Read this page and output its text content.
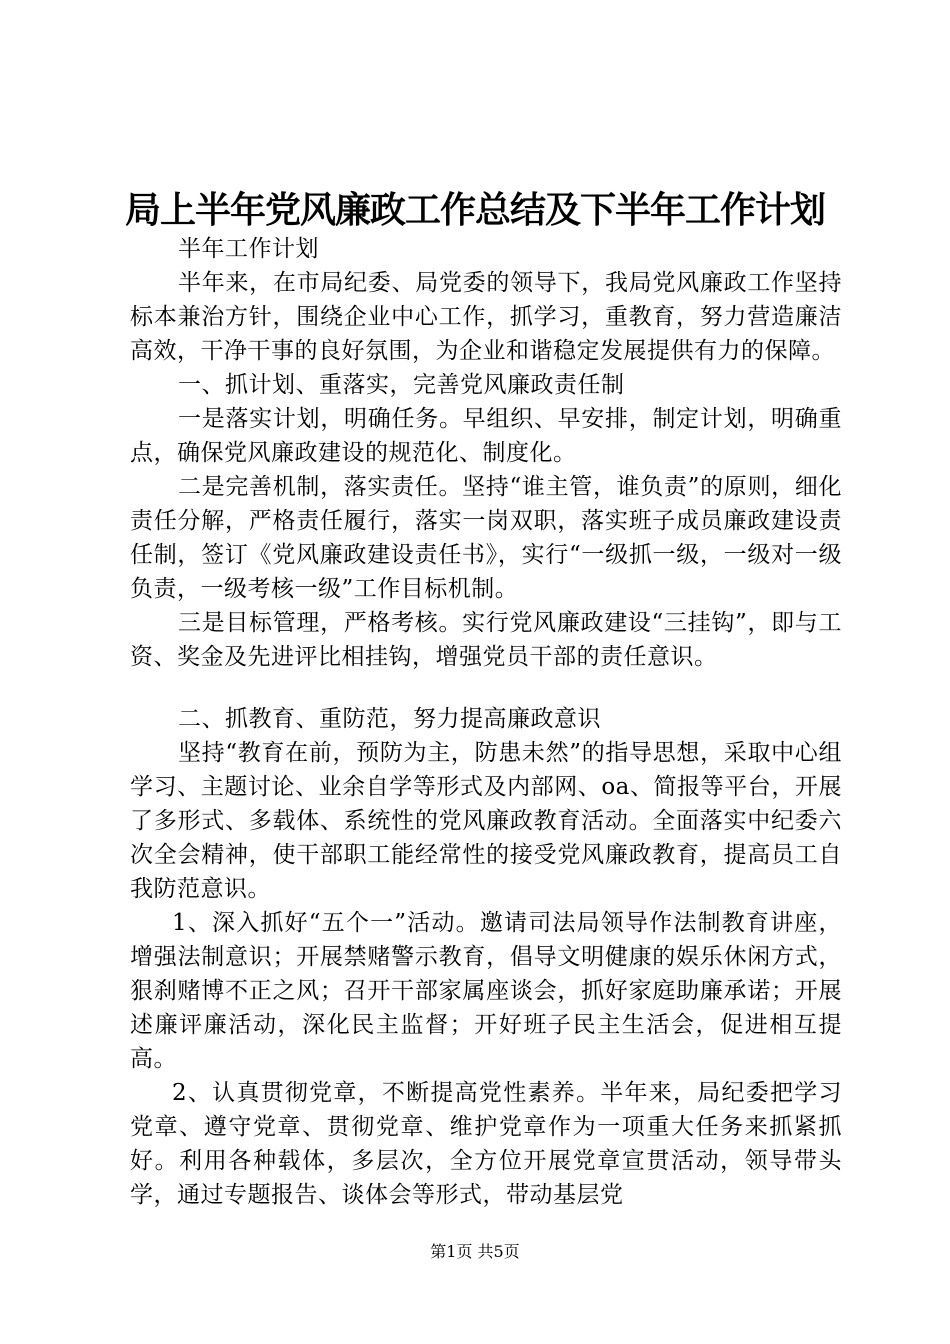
局上半年党风廉政工作总结及下半年工作计划

半年工作计划

半年来，在市局纪委、局党委的领导下，我局党风廉政工作坚持标本兼治方针，围绕企业中心工作，抓学习，重教育，努力营造廉洁高效，干净干事的良好氛围，为企业和谐稳定发展提供有力的保障。

一、抓计划、重落实，完善党风廉政责任制

一是落实计划，明确任务。早组织、早安排，制定计划，明确重点，确保党风廉政建设的规范化、制度化。

二是完善机制，落实责任。坚持“谁主管，谁负责”的原则，细化责任分解，严格责任履行，落实一岗双职，落实班子成员廉政建设责任制，签订《党风廉政建设责任书》，实行“一级抓一级，一级对一级负责，一级考核一级”工作目标机制。

三是目标管理，严格考核。实行党风廉政建设“三挂钩”，即与工资、奖金及先进评比相挂钩，增强党员干部的责任意识。

二、抓教育、重防范，努力提高廉政意识

坚持“教育在前，预防为主，防患未然”的指导思想，采取中心组学习、主题讨论、业余自学等形式及内部网、oa、简报等平台，开展了多形式、多载体、系统性的党风廉政教育活动。全面落实中纪委六次全会精神，使干部职工能经常性的接受党风廉政教育，提高员工自我防范意识。

1、深入抓好“五个一”活动。邀请司法局领导作法制教育讲座，增强法制意识；开展禁赌警示教育，倡导文明健康的娱乐休闲方式，狠刹赌博不正之风；召开干部家属座谈会，抓好家庭助廉承诺；开展述廉评廉活动，深化民主监督；开好班子民主生活会，促进相互提高。

2、认真贯彻党章，不断提高党性素养。半年来，局纪委把学习党章、遵守党章、贯彻党章、维护党章作为一项重大任务来抓紧抓好。利用各种载体，多层次，全方位开展党章宣贯活动，领导带头学，通过专题报告、谈体会等形式，带动基层党

第1页 共5页
